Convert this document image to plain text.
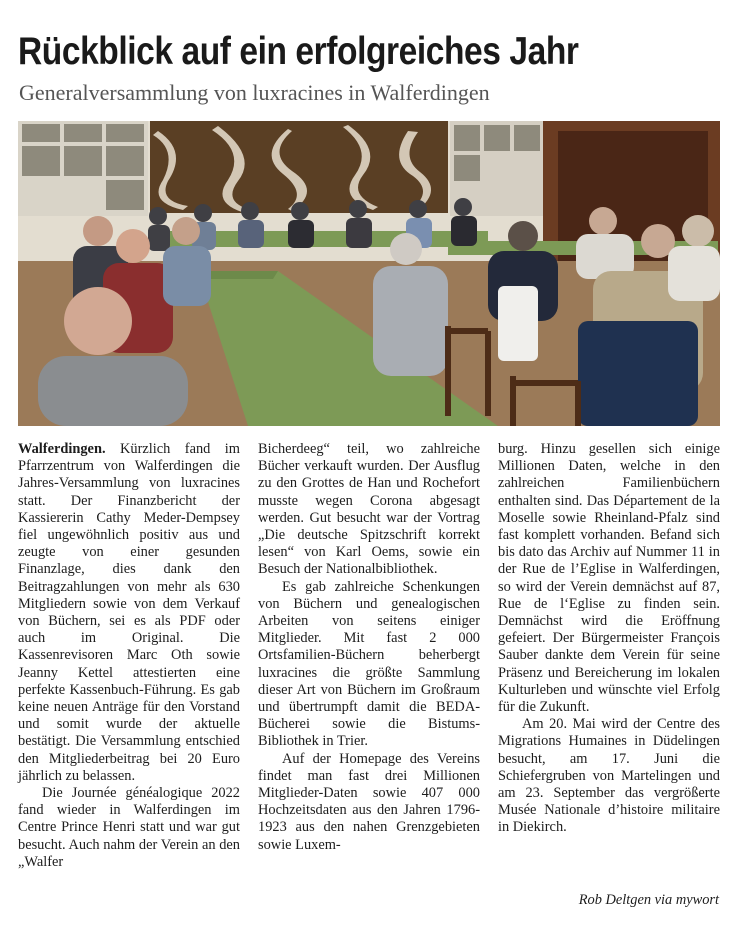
Rückblick auf ein erfolgreiches Jahr
Generalversammlung von luxracines in Walferdingen

Walferdingen. Kürzlich fand im Pfarrzentrum von Walferdingen die Jahres-Versammlung von luxracines statt. Der Finanzbericht der Kassiererin Cathy Meder-Dempsey fiel ungewöhnlich positiv aus und zeugte von einer gesunden Finanzlage, dies dank den Beitragzahlungen von mehr als 630 Mitgliedern sowie von dem Verkauf von Büchern, sei es als PDF oder auch im Original. Die Kassenrevisoren Marc Oth sowie Jeanny Kettel attestierten eine perfekte Kassenbuch-Führung. Es gab keine neuen Anträge für den Vorstand und somit wurde der aktuelle bestätigt. Die Versammlung entschied den Mitgliederbeitrag bei 20 Euro jährlich zu belassen.

Die Journée généalogique 2022 fand wieder in Walferdingen im Centre Prince Henri statt und war gut besucht. Auch nahm der Verein an den „Walfer

Bicherdeeg“ teil, wo zahlreiche Bücher verkauft wurden. Der Ausflug zu den Grottes de Han und Rochefort musste wegen Corona abgesagt werden. Gut besucht war der Vortrag „Die deutsche Spitzschrift korrekt lesen“ von Karl Oems, sowie ein Besuch der Nationalbibliothek.

Es gab zahlreiche Schenkungen von Büchern und genealogischen Arbeiten von seitens einiger Mitglieder. Mit fast 2 000 Ortsfamilien-Büchern beherbergt luxracines die größte Sammlung dieser Art von Büchern im Großraum und übertrumpft damit die BEDA-Bücherei sowie die Bistums-Bibliothek in Trier.

Auf der Homepage des Vereins findet man fast drei Millionen Mitglieder-Daten sowie 407 000 Hochzeitsdaten aus den Jahren 1796-1923 aus den nahen Grenzgebieten sowie Luxem-

burg. Hinzu gesellen sich einige Millionen Daten, welche in den zahlreichen Familienbüchern enthalten sind. Das Département de la Moselle sowie Rheinland-Pfalz sind fast komplett vorhanden. Befand sich bis dato das Archiv auf Nummer 11 in der Rue de l’Eglise in Walferdingen, so wird der Verein demnächst auf 87, Rue de l‘Eglise zu finden sein. Demnächst wird die Eröffnung gefeiert. Der Bürgermeister François Sauber dankte dem Verein für seine Präsenz und Bereicherung im lokalen Kulturleben und wünschte viel Erfolg für die Zukunft.

Am 20. Mai wird der Centre des Migrations Humaines in Düdelingen besucht, am 17. Juni die Schiefergruben von Martelingen und am 23. September das vergrößerte Musée Nationale d’histoire militaire in Diekirch.

Rob Deltgen via mywort
